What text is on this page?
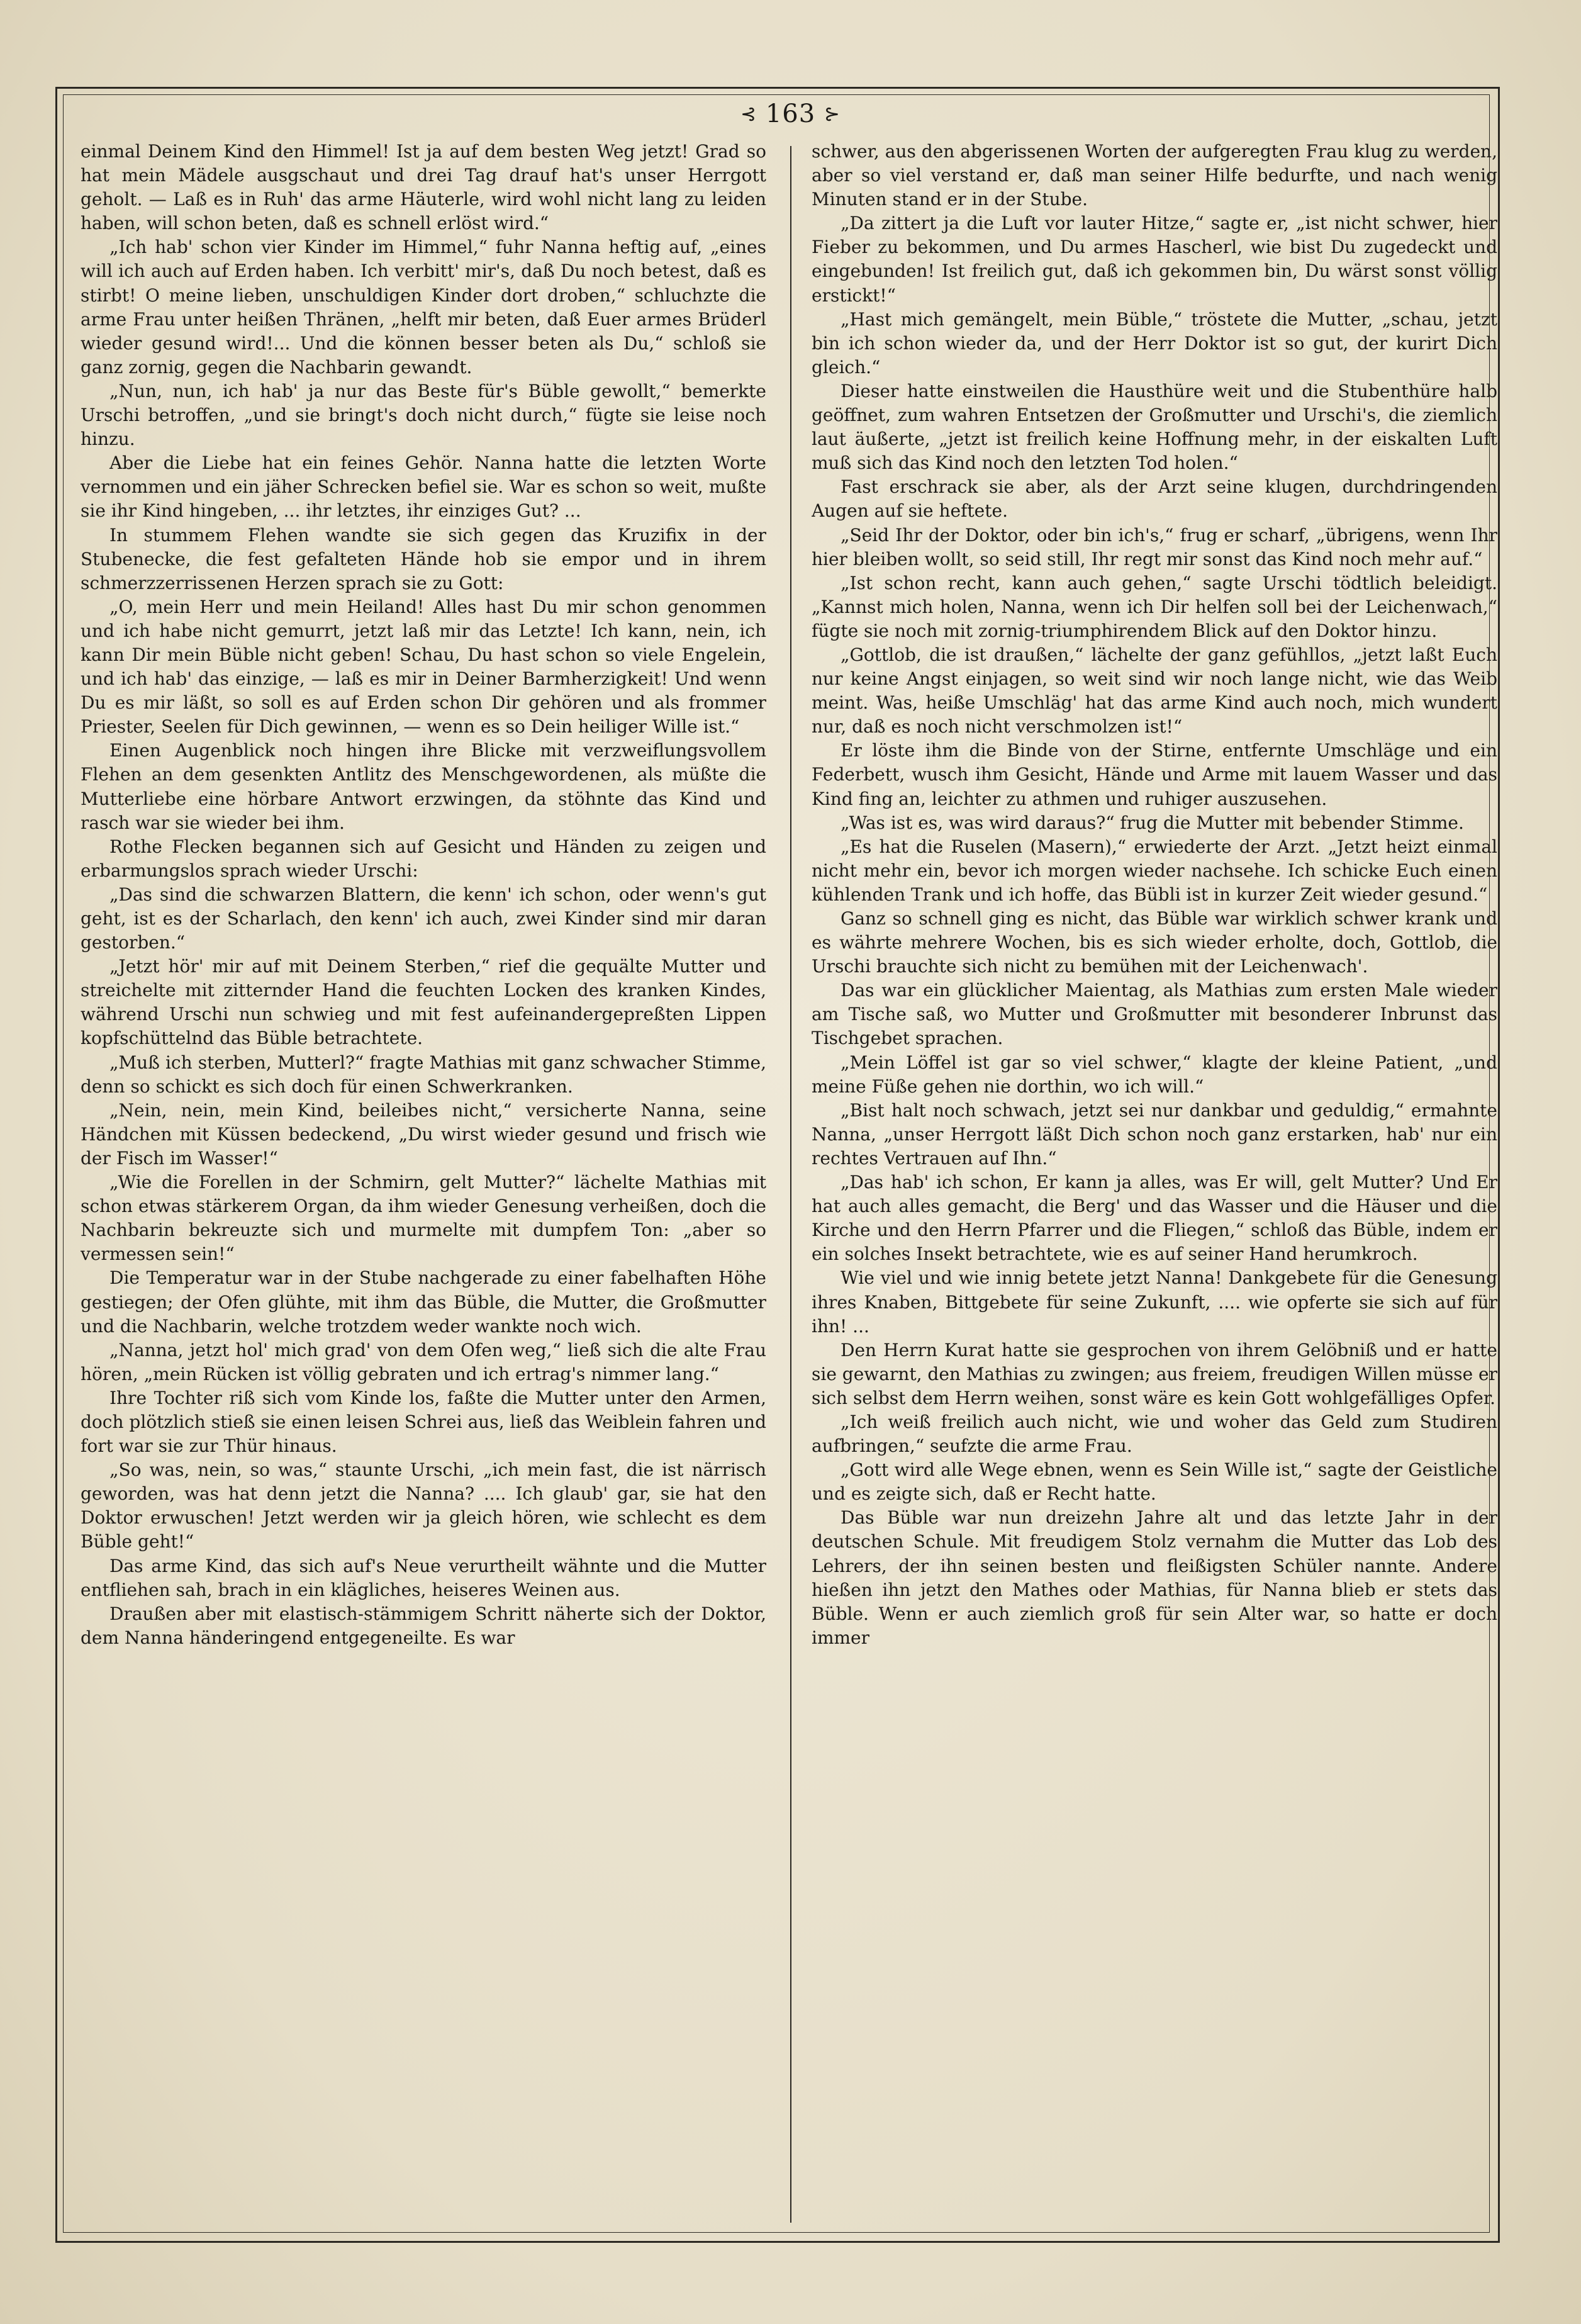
⊰ 163 ⊱

einmal Deinem Kind den Himmel! Ist ja auf dem besten Weg jetzt! Grad so hat mein Mädele ausgschaut und drei Tag drauf hat's unser Herrgott geholt. — Laß es in Ruh' das arme Häuterle, wird wohl nicht lang zu leiden haben, will schon beten, daß es schnell erlöst wird.“

„Ich hab' schon vier Kinder im Himmel,“ fuhr Nanna heftig auf, „eines will ich auch auf Erden haben. Ich verbitt' mir's, daß Du noch betest, daß es stirbt! O meine lieben, unschuldigen Kinder dort droben,“ schluchzte die arme Frau unter heißen Thränen, „helft mir beten, daß Euer armes Brüderl wieder gesund wird!... Und die können besser beten als Du,“ schloß sie ganz zornig, gegen die Nachbarin gewandt.

„Nun, nun, ich hab' ja nur das Beste für's Büble gewollt,“ bemerkte Urschi betroffen, „und sie bringt's doch nicht durch,“ fügte sie leise noch hinzu.

Aber die Liebe hat ein feines Gehör. Nanna hatte die letzten Worte vernommen und ein jäher Schrecken befiel sie. War es schon so weit, mußte sie ihr Kind hingeben, ... ihr letztes, ihr einziges Gut? ...

In stummem Flehen wandte sie sich gegen das Kruzifix in der Stubenecke, die fest gefalteten Hände hob sie empor und in ihrem schmerzzerrissenen Herzen sprach sie zu Gott:

„O, mein Herr und mein Heiland! Alles hast Du mir schon genommen und ich habe nicht gemurrt, jetzt laß mir das Letzte! Ich kann, nein, ich kann Dir mein Büble nicht geben! Schau, Du hast schon so viele Engelein, und ich hab' das einzige, — laß es mir in Deiner Barmherzigkeit! Und wenn Du es mir läßt, so soll es auf Erden schon Dir gehören und als frommer Priester, Seelen für Dich gewinnen, — wenn es so Dein heiliger Wille ist.“

Einen Augenblick noch hingen ihre Blicke mit verzweiflungsvollem Flehen an dem gesenkten Antlitz des Menschgewordenen, als müßte die Mutterliebe eine hörbare Antwort erzwingen, da stöhnte das Kind und rasch war sie wieder bei ihm.

Rothe Flecken begannen sich auf Gesicht und Händen zu zeigen und erbarmungslos sprach wieder Urschi:

„Das sind die schwarzen Blattern, die kenn' ich schon, oder wenn's gut geht, ist es der Scharlach, den kenn' ich auch, zwei Kinder sind mir daran gestorben.“

„Jetzt hör' mir auf mit Deinem Sterben,“ rief die gequälte Mutter und streichelte mit zitternder Hand die feuchten Locken des kranken Kindes, während Urschi nun schwieg und mit fest aufeinandergepreßten Lippen kopfschüttelnd das Büble betrachtete.

„Muß ich sterben, Mutterl?“ fragte Mathias mit ganz schwacher Stimme, denn so schickt es sich doch für einen Schwerkranken.

„Nein, nein, mein Kind, beileibes nicht,“ versicherte Nanna, seine Händchen mit Küssen bedeckend, „Du wirst wieder gesund und frisch wie der Fisch im Wasser!“

„Wie die Forellen in der Schmirn, gelt Mutter?“ lächelte Mathias mit schon etwas stärkerem Organ, da ihm wieder Genesung verheißen, doch die Nachbarin bekreuzte sich und murmelte mit dumpfem Ton: „aber so vermessen sein!“

Die Temperatur war in der Stube nachgerade zu einer fabelhaften Höhe gestiegen; der Ofen glühte, mit ihm das Büble, die Mutter, die Großmutter und die Nachbarin, welche trotzdem weder wankte noch wich.

„Nanna, jetzt hol' mich grad' von dem Ofen weg,“ ließ sich die alte Frau hören, „mein Rücken ist völlig gebraten und ich ertrag's nimmer lang.“

Ihre Tochter riß sich vom Kinde los, faßte die Mutter unter den Armen, doch plötzlich stieß sie einen leisen Schrei aus, ließ das Weiblein fahren und fort war sie zur Thür hinaus.

„So was, nein, so was,“ staunte Urschi, „ich mein fast, die ist närrisch geworden, was hat denn jetzt die Nanna? .... Ich glaub' gar, sie hat den Doktor erwuschen! Jetzt werden wir ja gleich hören, wie schlecht es dem Büble geht!“

Das arme Kind, das sich auf's Neue verurtheilt wähnte und die Mutter entfliehen sah, brach in ein klägliches, heiseres Weinen aus.

Draußen aber mit elastisch-stämmigem Schritt näherte sich der Doktor, dem Nanna händeringend entgegeneilte. Es war

schwer, aus den abgerissenen Worten der aufgeregten Frau klug zu werden, aber so viel verstand er, daß man seiner Hilfe bedurfte, und nach wenig Minuten stand er in der Stube.

„Da zittert ja die Luft vor lauter Hitze,“ sagte er, „ist nicht schwer, hier Fieber zu bekommen, und Du armes Hascherl, wie bist Du zugedeckt und eingebunden! Ist freilich gut, daß ich gekommen bin, Du wärst sonst völlig erstickt!“

„Hast mich gemängelt, mein Büble,“ tröstete die Mutter, „schau, jetzt bin ich schon wieder da, und der Herr Doktor ist so gut, der kurirt Dich gleich.“

Dieser hatte einstweilen die Hausthüre weit und die Stubenthüre halb geöffnet, zum wahren Entsetzen der Großmutter und Urschi's, die ziemlich laut äußerte, „jetzt ist freilich keine Hoffnung mehr, in der eiskalten Luft muß sich das Kind noch den letzten Tod holen.“

Fast erschrack sie aber, als der Arzt seine klugen, durchdringenden Augen auf sie heftete.

„Seid Ihr der Doktor, oder bin ich's,“ frug er scharf, „übrigens, wenn Ihr hier bleiben wollt, so seid still, Ihr regt mir sonst das Kind noch mehr auf.“

„Ist schon recht, kann auch gehen,“ sagte Urschi tödtlich beleidigt. „Kannst mich holen, Nanna, wenn ich Dir helfen soll bei der Leichenwach,“ fügte sie noch mit zornig-triumphirendem Blick auf den Doktor hinzu.

„Gottlob, die ist draußen,“ lächelte der ganz gefühllos, „jetzt laßt Euch nur keine Angst einjagen, so weit sind wir noch lange nicht, wie das Weib meint. Was, heiße Umschläg' hat das arme Kind auch noch, mich wundert nur, daß es noch nicht verschmolzen ist!“

Er löste ihm die Binde von der Stirne, entfernte Umschläge und ein Federbett, wusch ihm Gesicht, Hände und Arme mit lauem Wasser und das Kind fing an, leichter zu athmen und ruhiger auszusehen.

„Was ist es, was wird daraus?“ frug die Mutter mit bebender Stimme.

„Es hat die Ruselen (Masern),“ erwiederte der Arzt. „Jetzt heizt einmal nicht mehr ein, bevor ich morgen wieder nachsehe. Ich schicke Euch einen kühlenden Trank und ich hoffe, das Bübli ist in kurzer Zeit wieder gesund.“

Ganz so schnell ging es nicht, das Büble war wirklich schwer krank und es währte mehrere Wochen, bis es sich wieder erholte, doch, Gottlob, die Urschi brauchte sich nicht zu bemühen mit der Leichenwach'.

Das war ein glücklicher Maientag, als Mathias zum ersten Male wieder am Tische saß, wo Mutter und Großmutter mit besonderer Inbrunst das Tischgebet sprachen.

„Mein Löffel ist gar so viel schwer,“ klagte der kleine Patient, „und meine Füße gehen nie dorthin, wo ich will.“

„Bist halt noch schwach, jetzt sei nur dankbar und geduldig,“ ermahnte Nanna, „unser Herrgott läßt Dich schon noch ganz erstarken, hab' nur ein rechtes Vertrauen auf Ihn.“

„Das hab' ich schon, Er kann ja alles, was Er will, gelt Mutter? Und Er hat auch alles gemacht, die Berg' und das Wasser und die Häuser und die Kirche und den Herrn Pfarrer und die Fliegen,“ schloß das Büble, indem er ein solches Insekt betrachtete, wie es auf seiner Hand herumkroch.

Wie viel und wie innig betete jetzt Nanna! Dankgebete für die Genesung ihres Knaben, Bittgebete für seine Zukunft, .... wie opferte sie sich auf für ihn! ...

Den Herrn Kurat hatte sie gesprochen von ihrem Gelöbniß und er hatte sie gewarnt, den Mathias zu zwingen; aus freiem, freudigen Willen müsse er sich selbst dem Herrn weihen, sonst wäre es kein Gott wohlgefälliges Opfer.

„Ich weiß freilich auch nicht, wie und woher das Geld zum Studiren aufbringen,“ seufzte die arme Frau.

„Gott wird alle Wege ebnen, wenn es Sein Wille ist,“ sagte der Geistliche und es zeigte sich, daß er Recht hatte.

Das Büble war nun dreizehn Jahre alt und das letzte Jahr in der deutschen Schule. Mit freudigem Stolz vernahm die Mutter das Lob des Lehrers, der ihn seinen besten und fleißigsten Schüler nannte. Andere hießen ihn jetzt den Mathes oder Mathias, für Nanna blieb er stets das Büble. Wenn er auch ziemlich groß für sein Alter war, so hatte er doch immer
